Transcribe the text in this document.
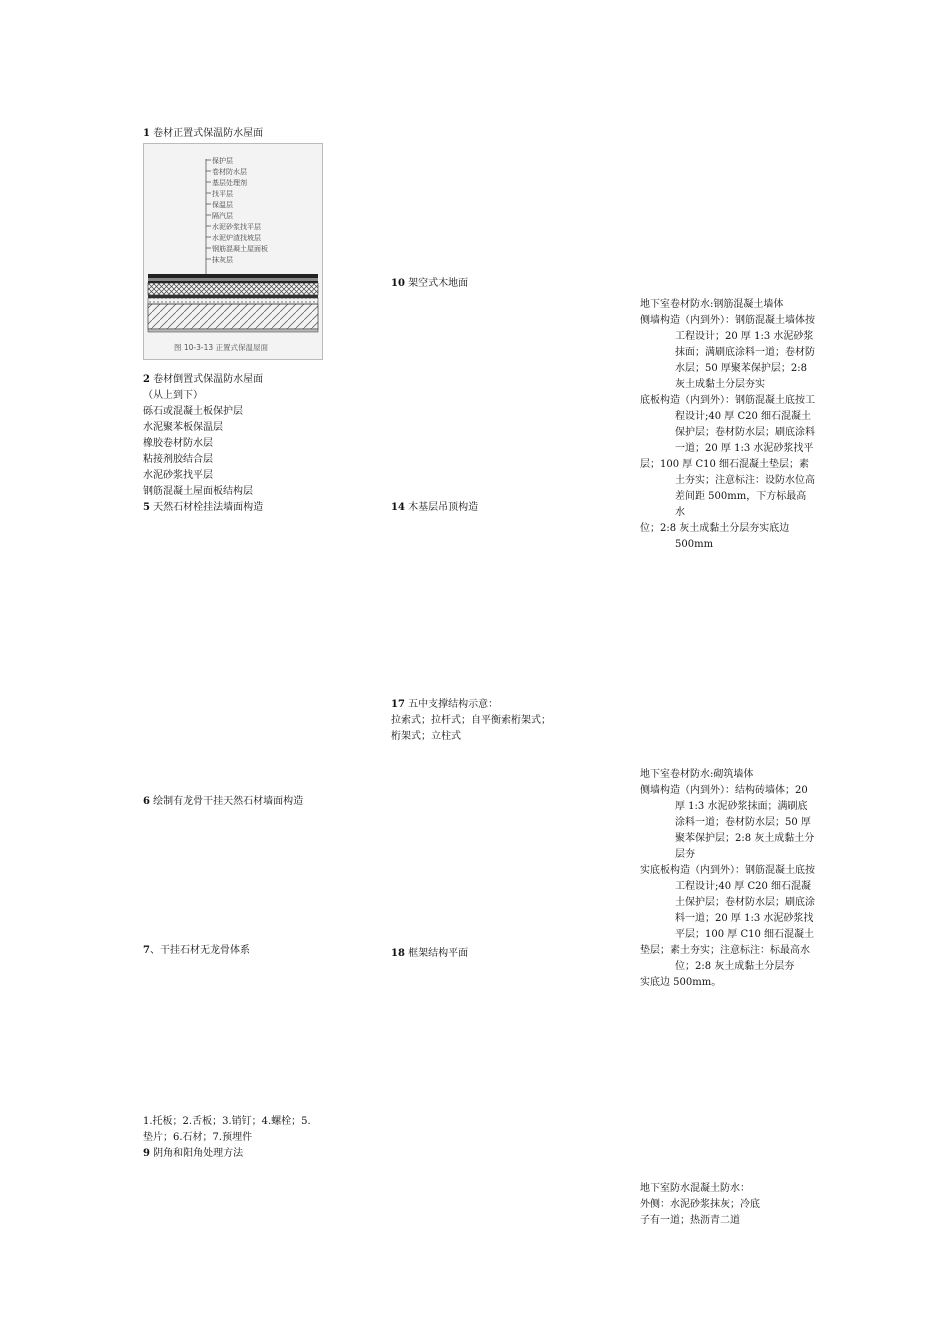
1 卷材正置式保温防水屋面
保护层
卷材防水层
基层处理剂
找平层
保温层
隔汽层
水泥砂浆找平层
水泥炉渣找坡层
钢筋混凝土屋面板
抹灰层
图 10-3-13 正置式保温屋面
2 卷材倒置式保温防水屋面
（从上到下）
砾石或混凝土板保护层
水泥聚苯板保温层
橡胶卷材防水层
粘接剂胶结合层
水泥砂浆找平层
钢筋混凝土屋面板结构层
5 天然石材栓挂法墙面构造
6 绘制有龙骨干挂天然石材墙面构造
7、干挂石材无龙骨体系
1.托板；2.舌板；3.销钉；4.螺栓；5.
垫片；6.石材；7.预埋件
9 阴角和阳角处理方法
10 架空式木地面
14 木基层吊顶构造
17 五中支撑结构示意：
拉索式；拉杆式；自平衡索桁架式；
桁架式；立柱式
18 框架结构平面

地下室卷材防水:钢筋混凝土墙体

侧墙构造（内到外）：钢筋混凝土墙体按工程设计；20 厚 1:3 水泥砂浆抹面；满刷底涂料一道；卷材防水层；50 厚聚苯保护层；2:8 灰土成黏土分层夯实

底板构造（内到外）：钢筋混凝土底按工程设计;40 厚 C20 细石混凝土保护层；卷材防水层；刷底涂料一道；20 厚 1:3 水泥砂浆找平

层；100 厚 C10 细石混凝土垫层；素土夯实；注意标注：设防水位高差间距 500mm，下方标最高水

位；2:8 灰土成黏土分层夯实底边500mm

地下室卷材防水:砌筑墙体

侧墙构造（内到外）：结构砖墙体；20 厚 1:3 水泥砂浆抹面；满刷底涂料一道；卷材防水层；50 厚聚苯保护层；2:8 灰土成黏土分层夯

实底板构造（内到外）：钢筋混凝土底按工程设计;40 厚 C20 细石混凝土保护层；卷材防水层；刷底涂料一道；20 厚 1:3 水泥砂浆找平层；100 厚 C10 细石混凝土

垫层；素土夯实；注意标注：标最高水位；2:8 灰土成黏土分层夯

实底边 500mm。

地下室防水混凝土防水：

外侧：水泥砂浆抹灰；冷底

子有一道；热沥青二道
